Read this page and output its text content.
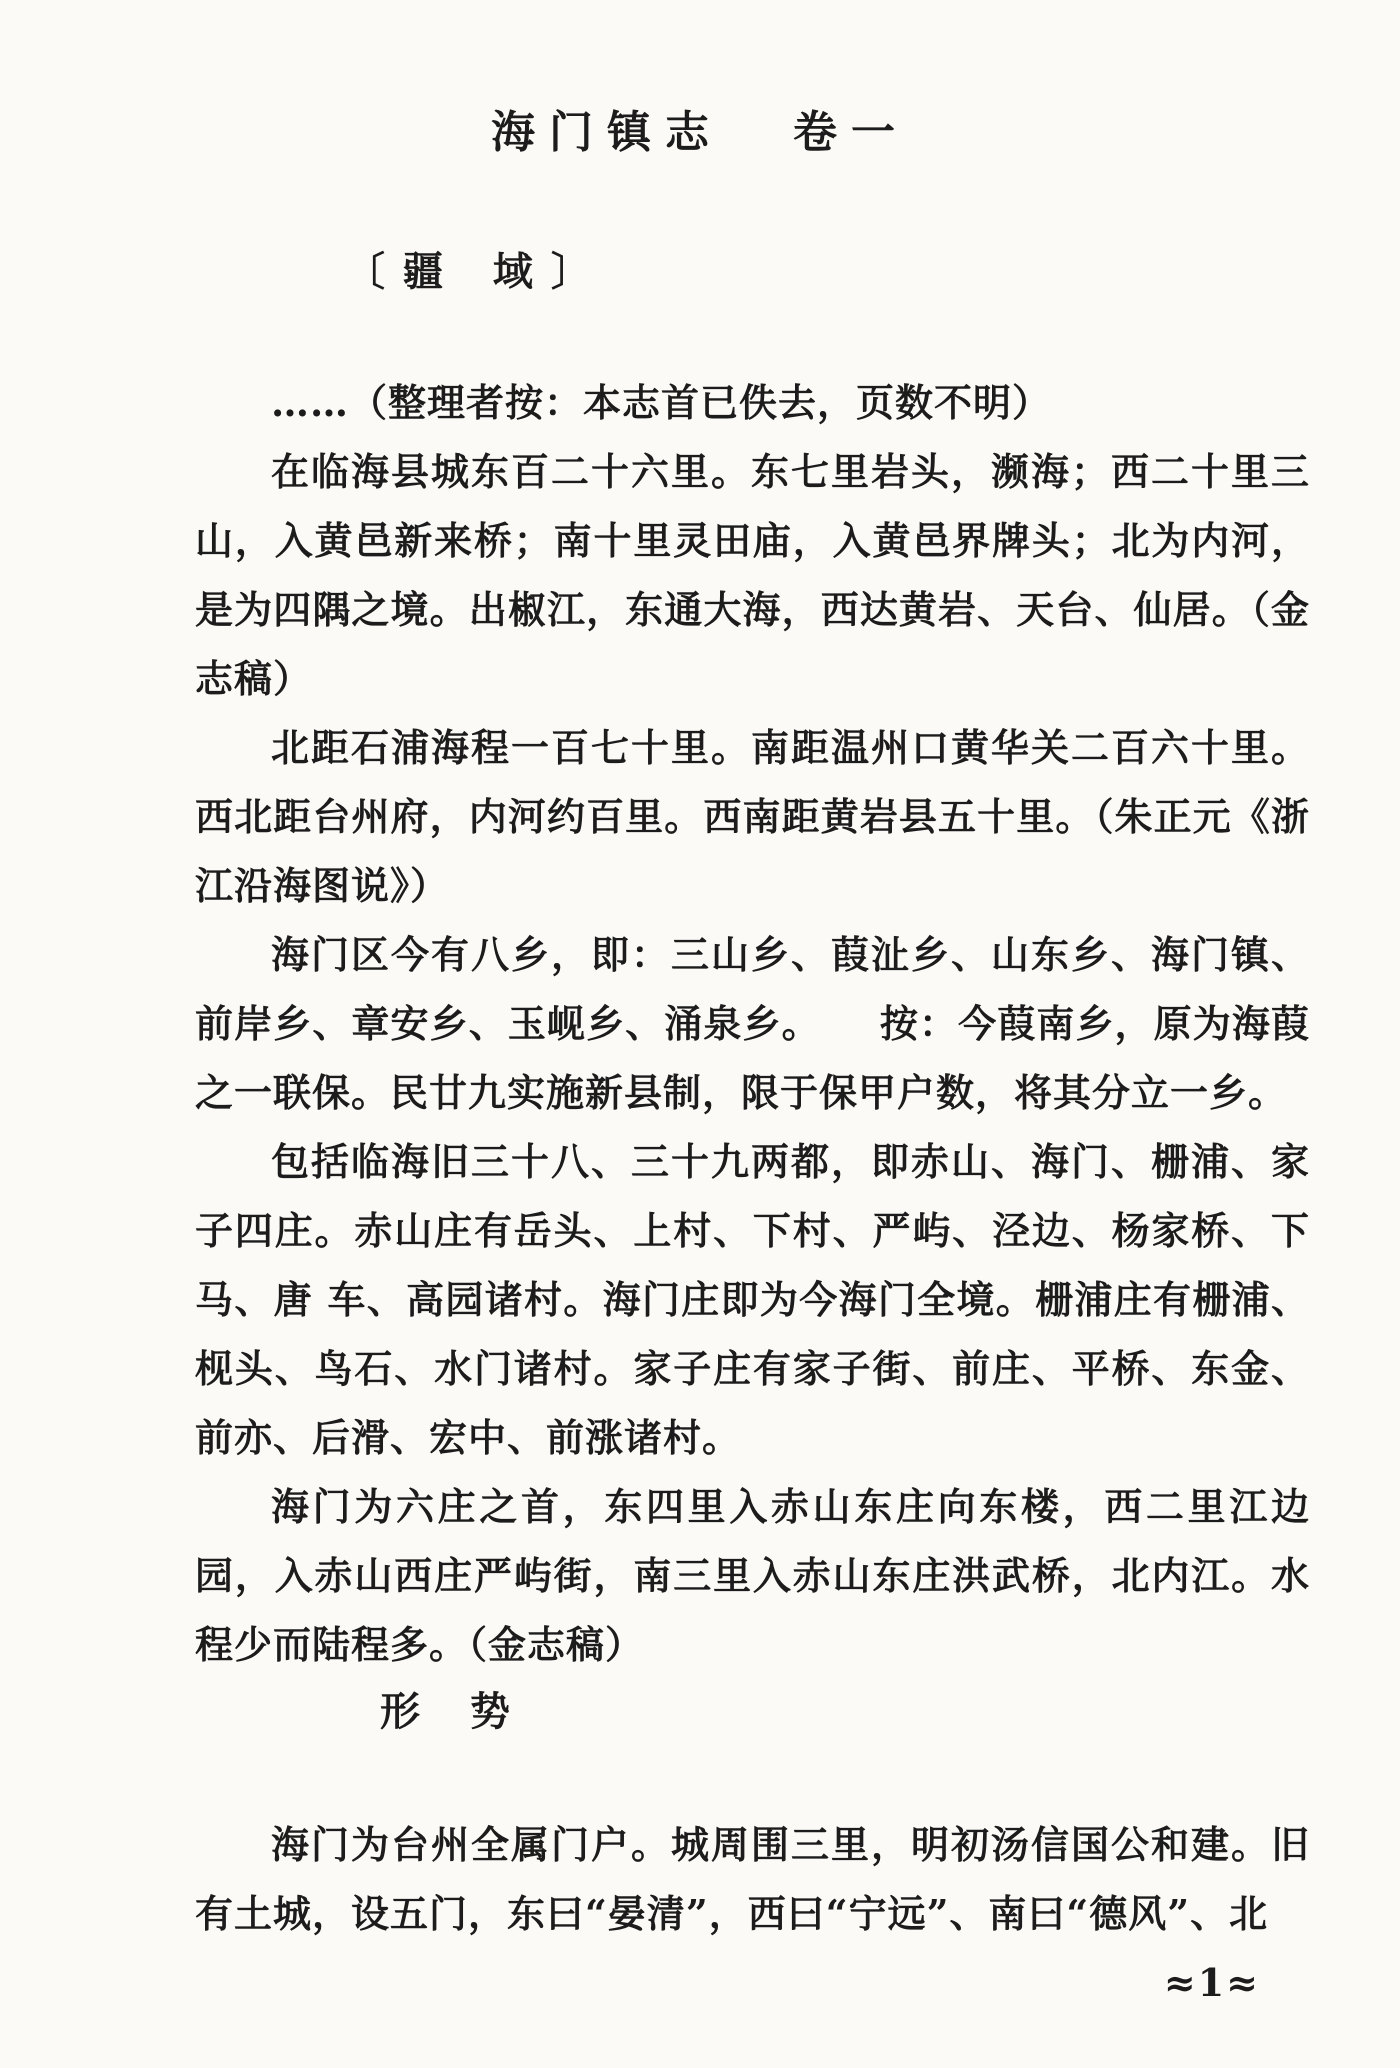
海门镇志 卷一
〔疆 域〕

……（整理者按：本志首已佚去，页数不明）

在临海县城东百二十六里。东七里岩头，濒海；西二十里三山，入黄邑新来桥；南十里灵田庙，入黄邑界牌头；北为内河，是为四隅之境。出椒江，东通大海，西达黄岩、天台、仙居。（金志稿）

北距石浦海程一百七十里。南距温州口黄华关二百六十里。西北距台州府，内河约百里。西南距黄岩县五十里。（朱正元《浙江沿海图说》）

海门区今有八乡，即：三山乡、葭沚乡、山东乡、海门镇、前岸乡、章安乡、玉岘乡、涌泉乡。　　按：今葭南乡，原为海葭之一联保。民廿九实施新县制，限于保甲户数，将其分立一乡。

包括临海旧三十八、三十九两都，即赤山、海门、栅浦、家子四庄。赤山庄有岳头、上村、下村、严屿、泾边、杨家桥、下马、唐 车、高园诸村。海门庄即为今海门全境。栅浦庄有栅浦、枧头、鸟石、水门诸村。家子庄有家子街、前庄、平桥、东金、前亦、后滑、宏中、前涨诸村。

海门为六庄之首，东四里入赤山东庄向东楼，西二里江边园，入赤山西庄严屿街，南三里入赤山东庄洪武桥，北内江。水程少而陆程多。（金志稿）

形 势

海门为台州全属门户。城周围三里，明初汤信国公和建。旧有土城，设五门，东曰“晏清”，西曰“宁远”、南曰“德风”、北

≈1≈
